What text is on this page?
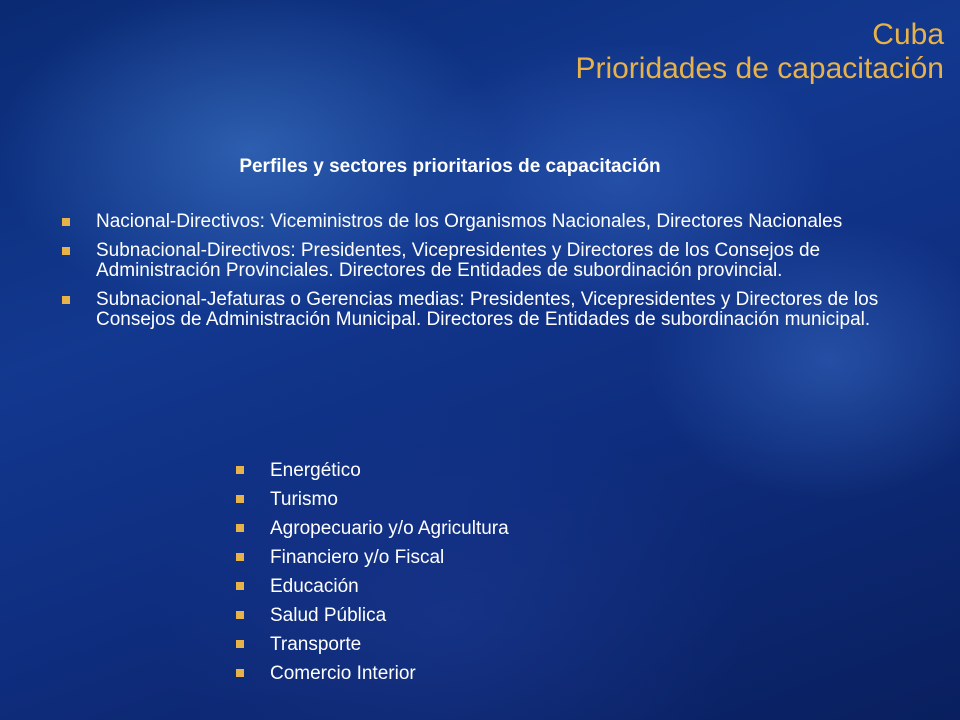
Cuba
Prioridades de capacitación
Perfiles y sectores prioritarios de capacitación
Nacional-Directivos: Viceministros de los Organismos Nacionales, Directores Nacionales
Subnacional-Directivos: Presidentes, Vicepresidentes y Directores de los Consejos de Administración Provinciales. Directores de Entidades de subordinación provincial.
Subnacional-Jefaturas o Gerencias medias: Presidentes, Vicepresidentes y Directores de los Consejos de Administración Municipal. Directores de Entidades de subordinación municipal.
Energético
Turismo
Agropecuario y/o Agricultura
Financiero y/o Fiscal
Educación
Salud Pública
Transporte
Comercio Interior
